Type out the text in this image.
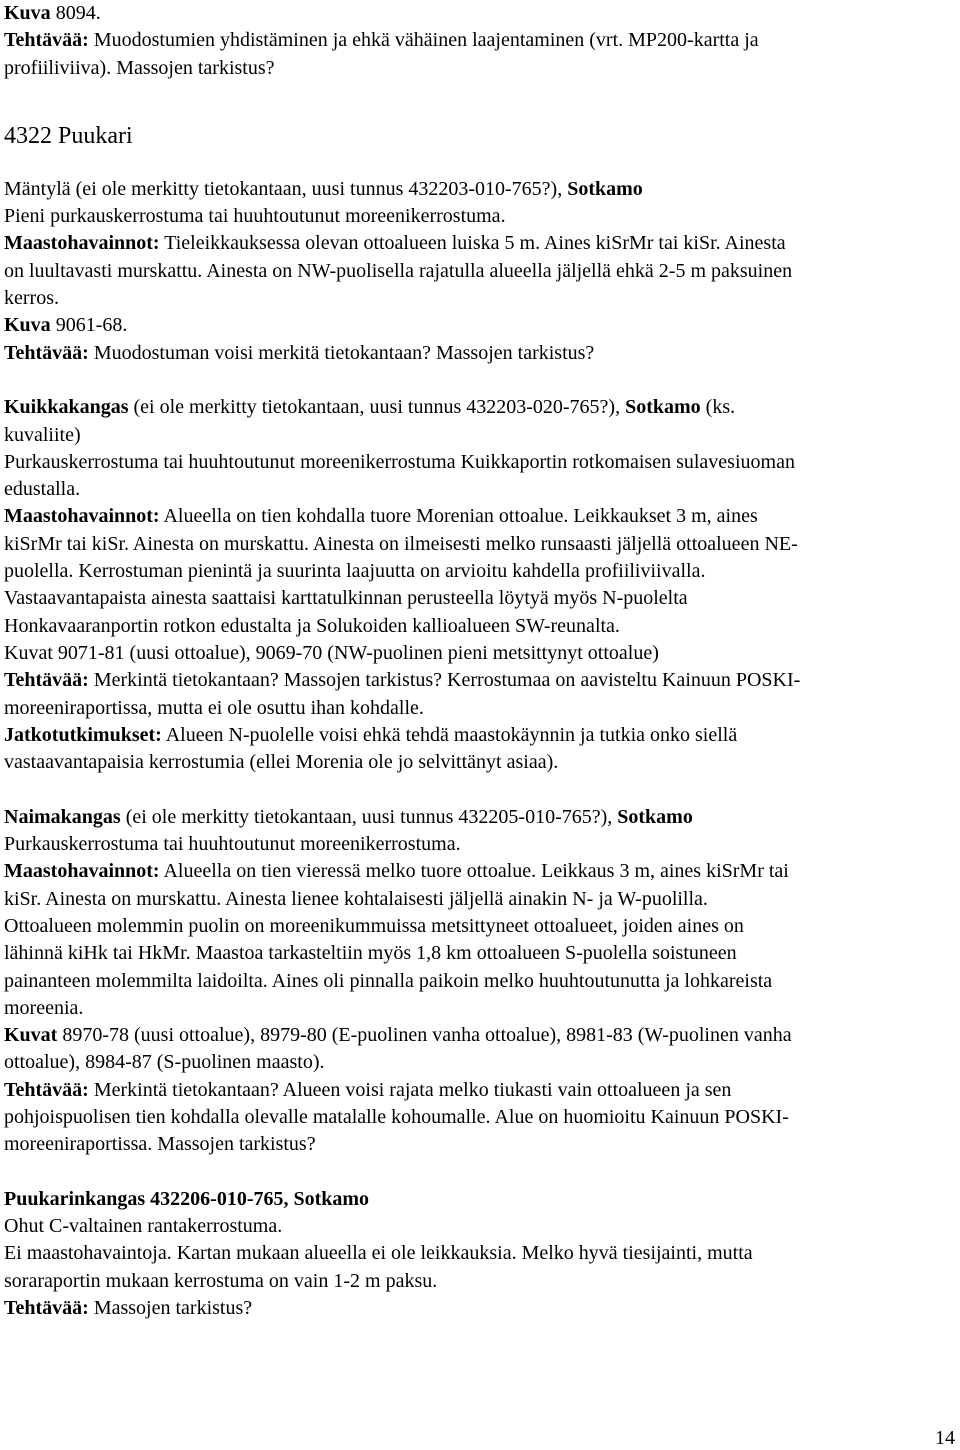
Kuva 8094.
Tehtävää: Muodostumien yhdistäminen ja ehkä vähäinen laajentaminen (vrt. MP200-kartta ja
profiiliviiva). Massojen tarkistus?
4322 Puukari
Mäntylä (ei ole merkitty tietokantaan, uusi tunnus 432203-010-765?), Sotkamo
Pieni purkauskerrostuma tai huuhtoutunut moreenikerrostuma.
Maastohavainnot: Tieleikkauksessa olevan ottoalueen luiska 5 m. Aines kiSrMr tai kiSr. Ainesta
on luultavasti murskattu. Ainesta on NW-puolisella rajatulla alueella jäljellä ehkä 2-5 m paksuinen
kerros.
Kuva 9061-68.
Tehtävää: Muodostuman voisi merkitä tietokantaan? Massojen tarkistus?
Kuikkakangas (ei ole merkitty tietokantaan, uusi tunnus 432203-020-765?), Sotkamo (ks.
kuvaliite)
Purkauskerrostuma tai huuhtoutunut moreenikerrostuma Kuikkaportin rotkomaisen sulavesiuoman
edustalla.
Maastohavainnot: Alueella on tien kohdalla tuore Morenian ottoalue. Leikkaukset 3 m, aines
kiSrMr tai kiSr. Ainesta on murskattu. Ainesta on ilmeisesti melko runsaasti jäljellä ottoalueen NE-
puolella. Kerrostuman pienintä ja suurinta laajuutta on arvioitu kahdella profiiliviivalla.
Vastaavantapaista ainesta saattaisi karttatulkinnan perusteella löytyä myös N-puolelta
Honkavaaranportin rotkon edustalta ja Solukoiden kallioalueen SW-reunalta.
Kuvat 9071-81 (uusi ottoalue), 9069-70 (NW-puolinen pieni metsittynyt ottoalue)
Tehtävää: Merkintä tietokantaan? Massojen tarkistus? Kerrostumaa on aavisteltu Kainuun POSKI-
moreeniraportissa, mutta ei ole osuttu ihan kohdalle.
Jatkotutkimukset: Alueen N-puolelle voisi ehkä tehdä maastokäynnin ja tutkia onko siellä
vastaavantapaisia kerrostumia (ellei Morenia ole jo selvittänyt asiaa).
Naimakangas (ei ole merkitty tietokantaan, uusi tunnus 432205-010-765?), Sotkamo
Purkauskerrostuma tai huuhtoutunut moreenikerrostuma.
Maastohavainnot: Alueella on tien vieressä melko tuore ottoalue. Leikkaus 3 m, aines kiSrMr tai
kiSr. Ainesta on murskattu. Ainesta lienee kohtalaisesti jäljellä ainakin N- ja W-puolilla.
Ottoalueen molemmin puolin on moreenikummuissa metsittyneet ottoalueet, joiden aines on
lähinnä kiHk tai HkMr. Maastoa tarkasteltiin myös 1,8 km ottoalueen S-puolella soistuneen
painanteen molemmilta laidoilta. Aines oli pinnalla paikoin melko huuhtoutunutta ja lohkareista
moreenia.
Kuvat 8970-78 (uusi ottoalue), 8979-80 (E-puolinen vanha ottoalue), 8981-83 (W-puolinen vanha
ottoalue), 8984-87 (S-puolinen maasto).
Tehtävää: Merkintä tietokantaan? Alueen voisi rajata melko tiukasti vain ottoalueen ja sen
pohjoispuolisen tien kohdalla olevalle matalalle kohoumalle. Alue on huomioitu Kainuun POSKI-
moreeniraportissa. Massojen tarkistus?
Puukarinkangas 432206-010-765, Sotkamo
Ohut C-valtainen rantakerrostuma.
Ei maastohavaintoja. Kartan mukaan alueella ei ole leikkauksia. Melko hyvä tiesijainti, mutta
soraraportin mukaan kerrostuma on vain 1-2 m paksu.
Tehtävää: Massojen tarkistus?
14
